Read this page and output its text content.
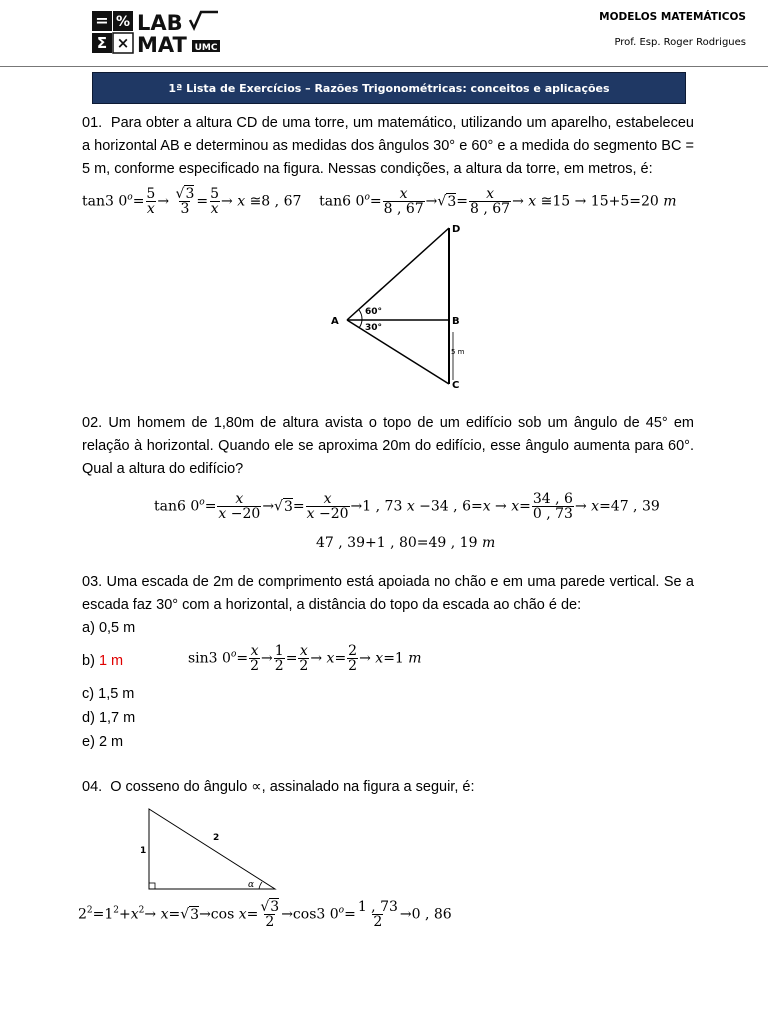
= %
Σ ×
LAB
MAT UMC
MODELOS MATEMÁTICOS
Prof. Esp. Roger Rodrigues
1ª Lista de Exercícios – Razões Trigonométricas: conceitos e aplicações
01. Para obter a altura CD de uma torre, um matemático, utilizando um aparelho, estabeleceu a horizontal AB e determinou as medidas dos ângulos 30° e 60° e a medida do segmento BC = 5 m, conforme especificado na figura. Nessas condições, a altura da torre, em metros, é:
tan3 $0^o= \frac{5}{x} \to \frac{√3}{3} = \frac{5}{x} \to x$ ≅8 , 67    tan6 $0^o= \frac{x}{8 , 67} \to√3= \frac{x}{8 , 67} \to x$ ≅15 → 15+5=20 m
D
A	B
C
60°
30°
5 m
02. Um homem de 1,80m de altura avista o topo de um edifício sob um ângulo de 45° em relação à horizontal. Quando ele se aproxima 20m do edifício, esse ângulo aumenta para 60°. Qual a altura do edifício?
tan6 $0^o= \frac{x}{x -20} \to√3= \frac{x}{x -20} \to 1$ , 73 x −34 , $6=x \to x= \frac{34 , 6}{0 , 73} \to x=47$ , 39
47 , 39+1 , 80=49 , 19 m
03. Uma escada de 2m de comprimento está apoiada no chão e em uma parede vertical. Se a escada faz 30° com a horizontal, a distância do topo da escada ao chão é de:
a) 0,5 m
b) 1 m	sin3 $0^o= \frac{x}{2} \to \frac{1}{2} = \frac{x}{2} \to x= \frac{2}{2} \to x=1$ m
c) 1,5 m
d) 1,7 m
e) 2 m
04. O cosseno do ângulo ∝, assinalado na figura a seguir, é:
1
2
α
$2^2=1^2+x^2\to x=√3\to\cos$ $x= \frac{√3}{2} \to\cos 3$ $0^o= \frac{1 , 73}{2} \to 0$ , 86
